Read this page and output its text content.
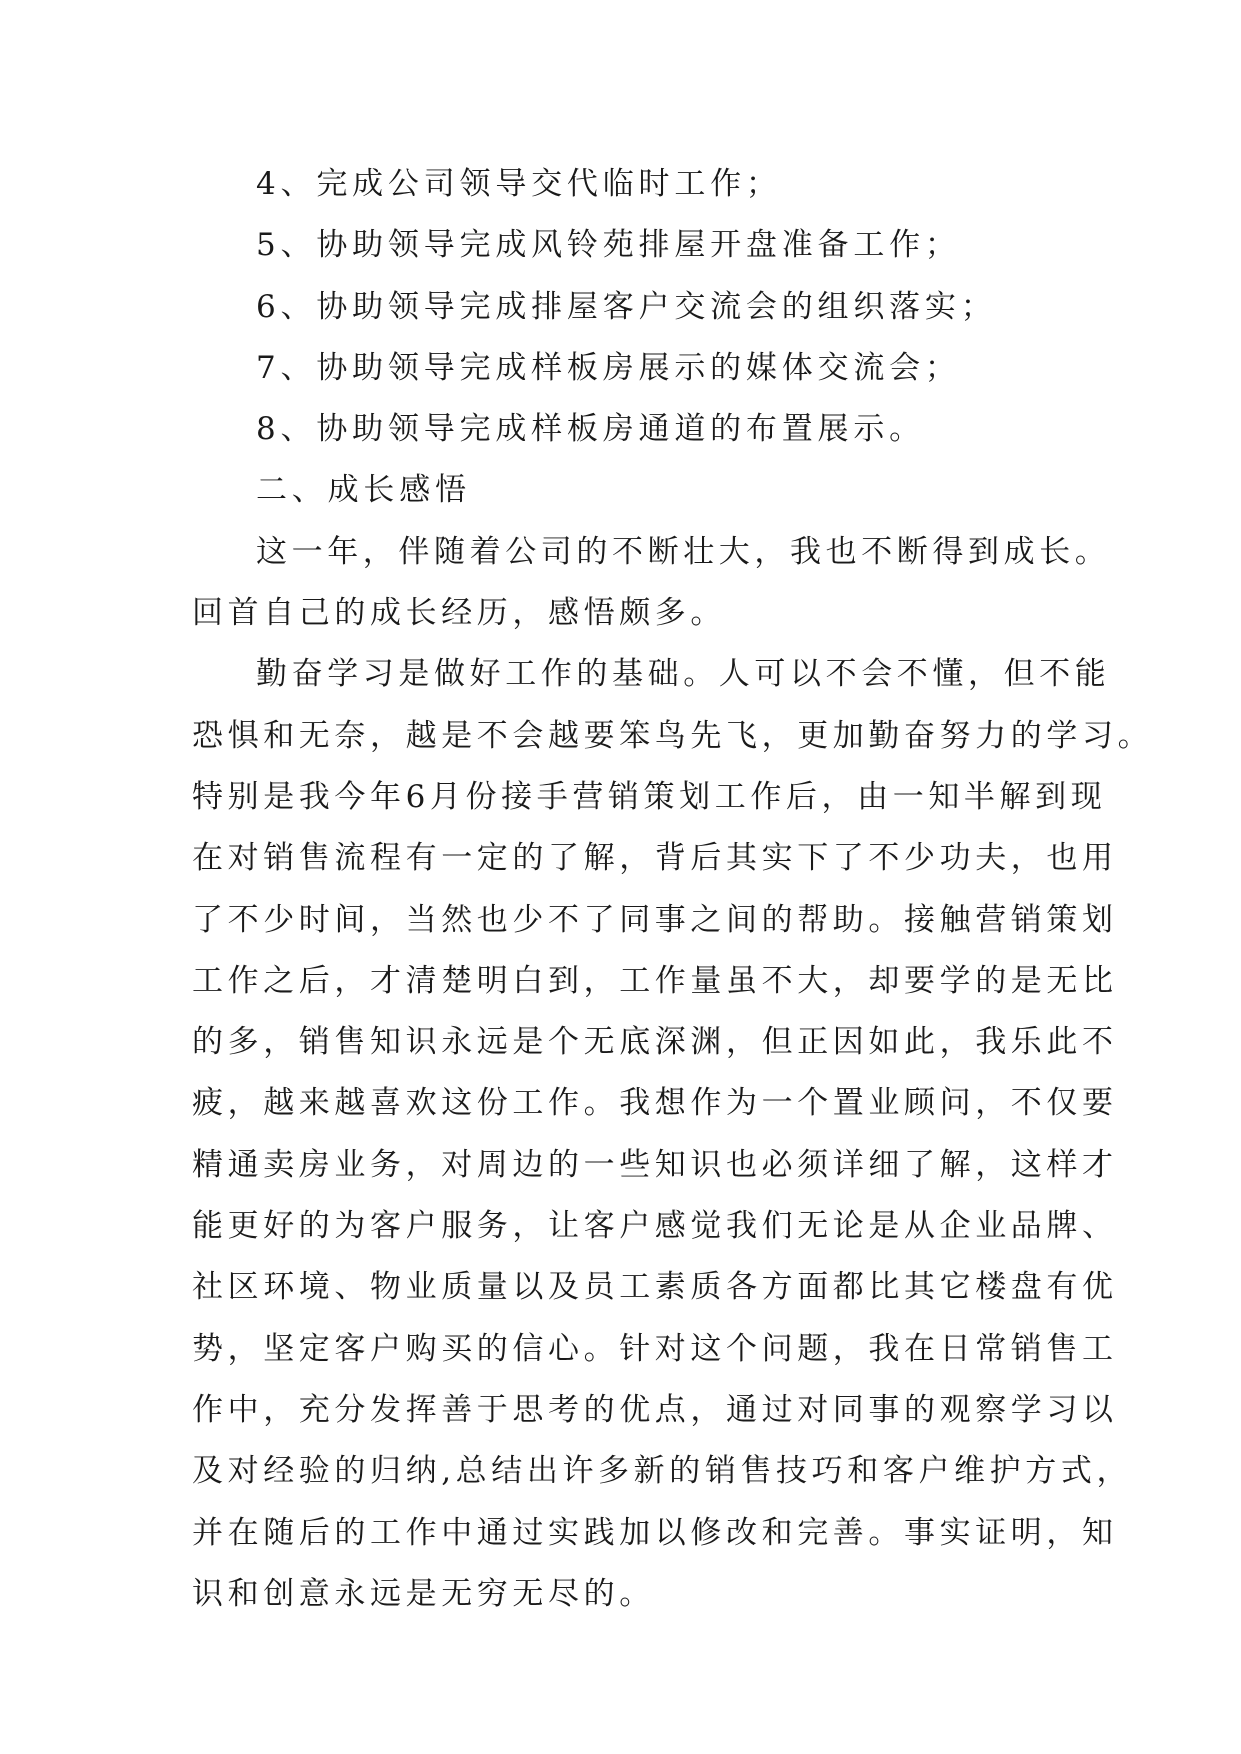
4、完成公司领导交代临时工作；
5、协助领导完成风铃苑排屋开盘准备工作；
6、协助领导完成排屋客户交流会的组织落实；
7、协助领导完成样板房展示的媒体交流会；
8、协助领导完成样板房通道的布置展示。
二、成长感悟
这一年，伴随着公司的不断壮大，我也不断得到成长。
回首自己的成长经历，感悟颇多。
勤奋学习是做好工作的基础。人可以不会不懂，但不能
恐惧和无奈，越是不会越要笨鸟先飞，更加勤奋努力的学习。
特别是我今年6月份接手营销策划工作后，由一知半解到现
在对销售流程有一定的了解，背后其实下了不少功夫，也用
了不少时间，当然也少不了同事之间的帮助。接触营销策划
工作之后，才清楚明白到，工作量虽不大，却要学的是无比
的多，销售知识永远是个无底深渊，但正因如此，我乐此不
疲，越来越喜欢这份工作。我想作为一个置业顾问，不仅要
精通卖房业务，对周边的一些知识也必须详细了解，这样才
能更好的为客户服务，让客户感觉我们无论是从企业品牌、
社区环境、物业质量以及员工素质各方面都比其它楼盘有优
势，坚定客户购买的信心。针对这个问题，我在日常销售工
作中，充分发挥善于思考的优点，通过对同事的观察学习以
及对经验的归纳,总结出许多新的销售技巧和客户维护方式，
并在随后的工作中通过实践加以修改和完善。事实证明，知
识和创意永远是无穷无尽的。
